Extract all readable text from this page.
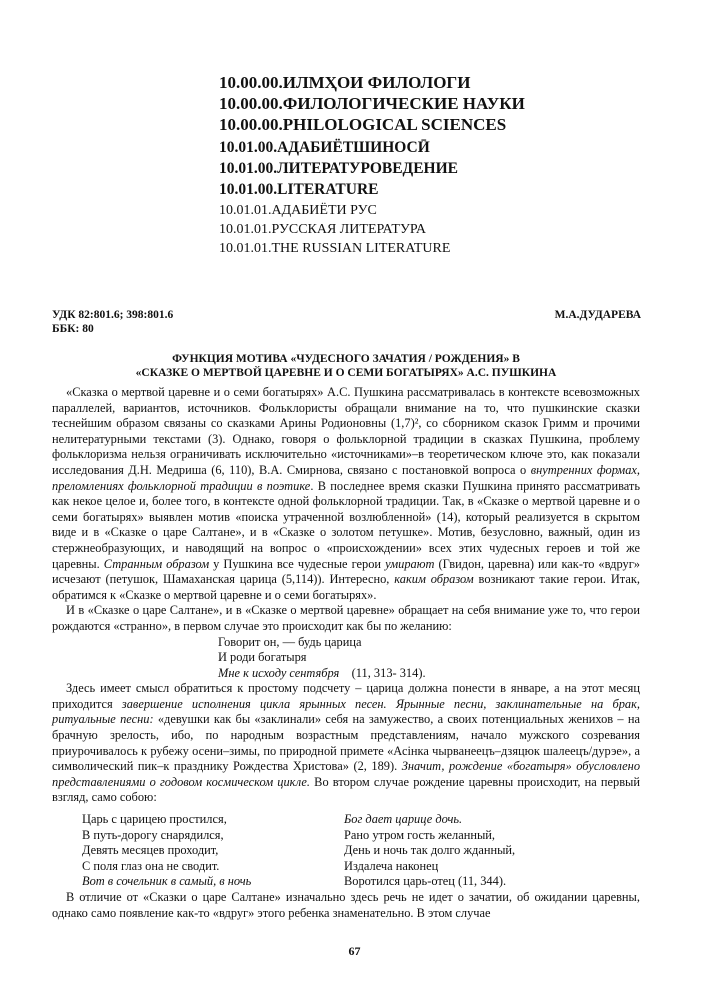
10.00.00.ИЛМҲОИ ФИЛОЛОГИ
10.00.00.ФИЛОЛОГИЧЕСКИЕ НАУКИ
10.00.00.PHILOLOGICAL SCIENCES
10.01.00.АДАБИЁТШИНОСӢ
10.01.00.ЛИТЕРАТУРОВЕДЕНИЕ
10.01.00.LITERATURE
10.01.01.АДАБИЁТИ РУС
10.01.01.РУССКАЯ ЛИТЕРАТУРА
10.01.01.THE RUSSIAN LITERATURE
УДК 82:801.6; 398:801.6
ББК: 80
М.А.ДУДАРЕВА
ФУНКЦИЯ МОТИВА «ЧУДЕСНОГО ЗАЧАТИЯ / РОЖДЕНИЯ» В
«СКАЗКЕ О МЕРТВОЙ ЦАРЕВНЕ И О СЕМИ БОГАТЫРЯХ» А.С. ПУШКИНА

«Сказка о мертвой царевне и о семи богатырях» А.С. Пушкина рассматривалась в контексте всевозможных параллелей, вариантов, источников. Фольклористы обращали внимание на то, что пушкинские сказки теснейшим образом связаны со сказками Арины Родионовны (1,7)², со сборником сказок Гримм и прочими нелитературными текстами (3). Однако, говоря о фольклорной традиции в сказках Пушкина, проблему фольклоризма нельзя ограничивать исключительно «источниками»–в теоретическом ключе это, как показали исследования Д.Н. Медриша (6, 110), В.А. Смирнова, связано с постановкой вопроса о внутренних формах, преломлениях фольклорной традиции в поэтике. В последнее время сказки Пушкина принято рассматривать как некое целое и, более того, в контексте одной фольклорной традиции. Так, в «Сказке о мертвой царевне и о семи богатырях» выявлен мотив «поиска утраченной возлюбленной» (14), который реализуется в скрытом виде и в «Сказке о царе Салтане», и в «Сказке о золотом петушке». Мотив, безусловно, важный, один из стержнеобразующих, и наводящий на вопрос о «происхождении» всех этих чудесных героев и той же царевны. Странным образом у Пушкина все чудесные герои умирают (Гвидон, царевна) или как-то «вдруг» исчезают (петушок, Шамаханская царица (5,114)). Интересно, каким образом возникают такие герои. Итак, обратимся к «Сказке о мертвой царевне и о семи богатырях».

И в «Сказке о царе Салтане», и в «Сказке о мертвой царевне» обращает на себя внимание уже то, что герои рождаются «странно», в первом случае это происходит как бы по желанию:

Говорит он, — будь царица
И роди богатыря
Мне к исходу сентября (11, 313- 314).

Здесь имеет смысл обратиться к простому подсчету – царица должна понести в январе, а на этот месяц приходится завершение исполнения цикла ярынных песен. Ярынные песни, заклинательные на брак, ритуальные песни: «девушки как бы «заклинали» себя на замужество, а своих потенциальных женихов – на брачную зрелость, ибо, по народным возрастным представлениям, начало мужского созревания приурочивалось к рубежу осени–зимы, по природной примете «Асінка чырванеецъ–дзяцюк шалеецъ/дурэе», а символический пик–к празднику Рождества Христова» (2, 189). Значит, рождение «богатыря» обусловлено представлениями о годовом космическом цикле. Во втором случае рождение царевны происходит, на первый взгляд, само собою:

Царь с царицею простился,
В путь-дорогу снарядился,
Девять месяцев проходит,
С поля глаз она не сводит.
Вот в сочельник в самый, в ночь
Бог дает царице дочь.
Рано утром гость желанный,
День и ночь так долго жданный,
Издалеча наконец
Воротился царь-отец (11, 344).

В отличие от «Сказки о царе Салтане» изначально здесь речь не идет о зачатии, об ожидании царевны, однако само появление как-то «вдруг» этого ребенка знаменательно. В этом случае

67
